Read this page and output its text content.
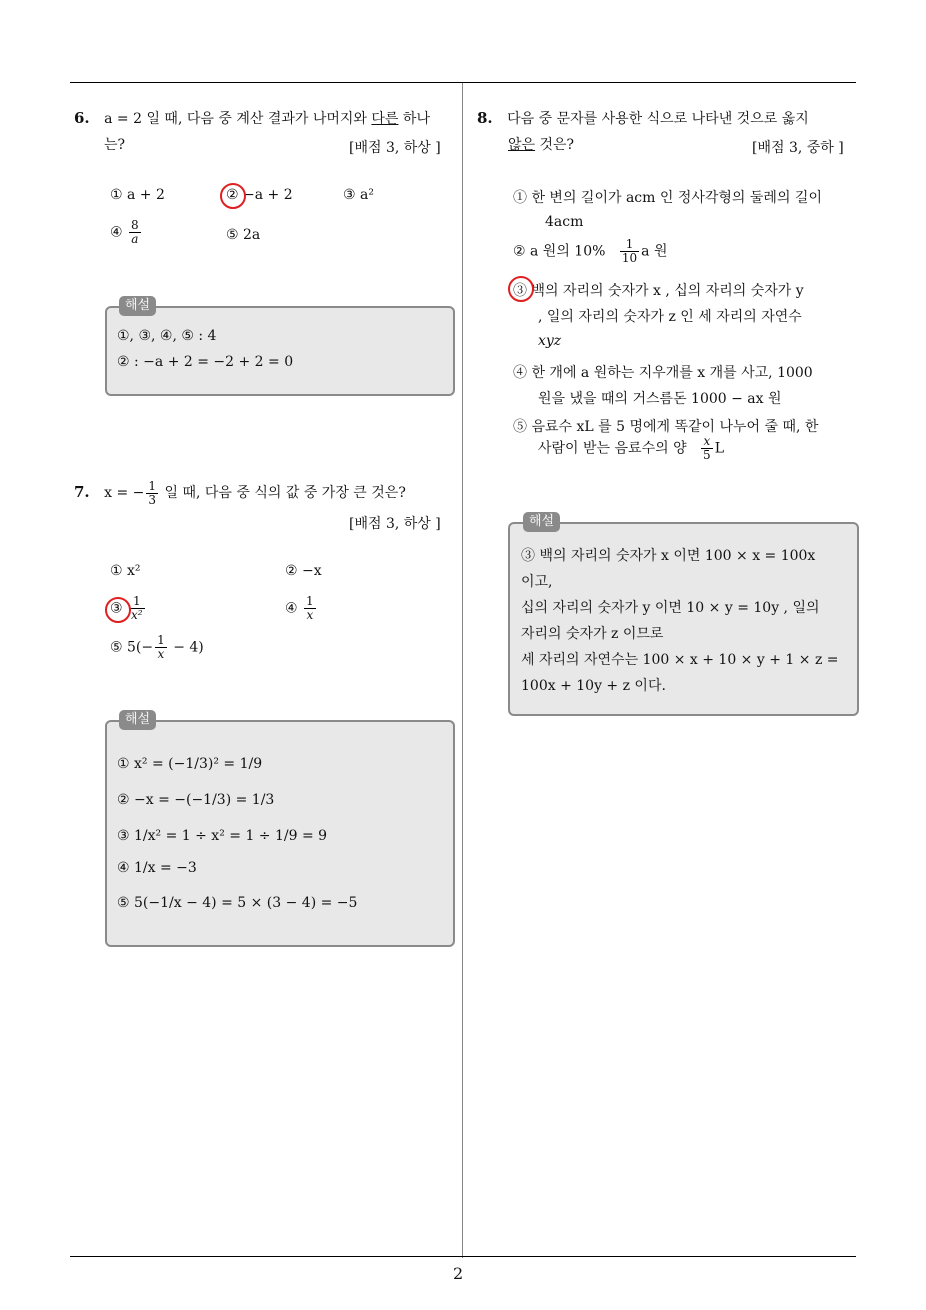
2
6. a = 2 일 때, 다음 중 계산 결과가 나머지와 다른 하나
는?	[배점 3, 하상 ]
① a + 2	② −a + 2	③ a²
④ $\frac{8}{a}$	⑤ 2a
해설
①, ③, ④, ⑤ : 4
② : −a + 2 = −2 + 2 = 0
7. x = − $\frac{1}{3}$ 일 때, 다음 중 식의 값 중 가장 큰 것은?
[배점 3, 하상 ]
① x²	② −x
③ $\frac{1}{\text{x²}}$	④ $\frac{1}{x}$
⑤ $5(- \frac{1}{x} - 4)$
해설
① x² = (−1/3)² = 1/9
② −x = −(−1/3) = 1/3
③ 1/x² = 1 ÷ x² = 1 ÷ 1/9 = 9
④ 1/x = −3
⑤ 5(−1/x − 4) = 5 × (3 − 4) = −5
8. 다음 중 문자를 사용한 식으로 나타낸 것으로 옳지
않은 것은?	[배점 3, 중하 ]
① 한 변의 길이가 acm 인 정사각형의 둘레의 길이
4acm
② a 원의 $10\% \frac{1}{10}$ a 원
③ 백의 자리의 숫자가 x , 십의 자리의 숫자가 y
, 일의 자리의 숫자가 z 인 세 자리의 자연수
xyz
④ 한 개에 a 원하는 지우개를 x 개를 사고, 1000
원을 냈을 때의 거스름돈 1000 − ax 원
⑤ 음료수 xL 를 5 명에게 똑같이 나누어 줄 때, 한
사람이 받는 음료수의 양 $\frac{x}{5}$ L
해설
③ 백의 자리의 숫자가 x 이면 100 × x = 100x
이고,
십의 자리의 숫자가 y 이면 10 × y = 10y , 일의
자리의 숫자가 z 이므로
세 자리의 자연수는 100 × x + 10 × y + 1 × z =
100x + 10y + z 이다.
